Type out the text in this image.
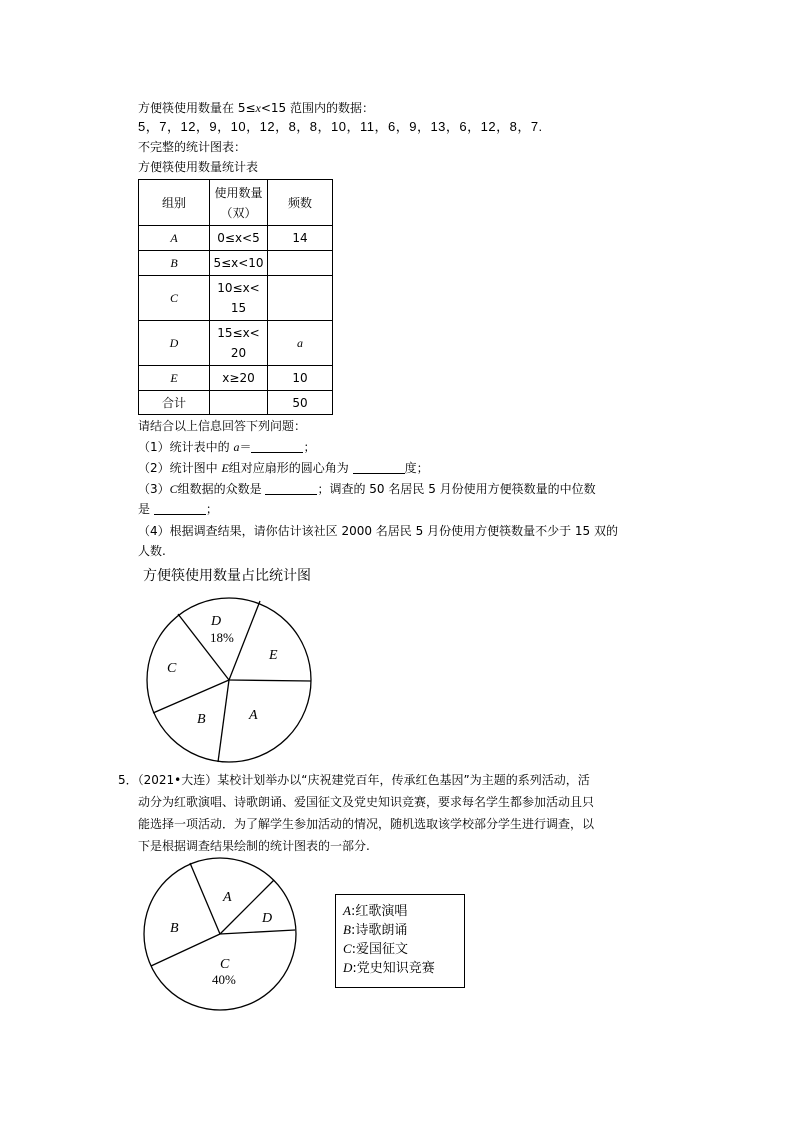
方便筷使用数量在 5≤x<15 范围内的数据：
5，7，12，9，10，12，8，8，10，11，6，9，13，6，12，8，7.
不完整的统计图表：
方便筷使用数量统计表
组别	使用数量（双）	频数
A	0≤x<5	14
B	5≤x<10	
C	10≤x<
15	

D	15≤x<
20	a
E	x≥20	10
合计		50
请结合以上信息回答下列问题：
（1）统计表中的 a＝	；
（2）统计图中 E组对应扇形的圆心角为	度；
（3）C组数据的众数是	；调查的 50 名居民 5 月份使用方便筷数量的中位数
是	；
（4）根据调查结果，请你估计该社区 2000 名居民 5 月份使用方便筷数量不少于 15 双的
人数.
方便筷使用数量占比统计图
5．（2021•大连）某校计划举办以“庆祝建党百年，传承红色基因”为主题的系列活动，活
动分为红歌演唱、诗歌朗诵、爱国征文及党史知识竞赛，要求每名学生都参加活动且只
能选择一项活动．为了解学生参加活动的情况，随机选取该学校部分学生进行调查，以
下是根据调查结果绘制的统计图表的一部分.
D
18%
E
C
B	A
A
B
D
C
40%
A:红歌演唱
B:诗歌朗诵
C:爱国征文
D:党史知识竞赛
